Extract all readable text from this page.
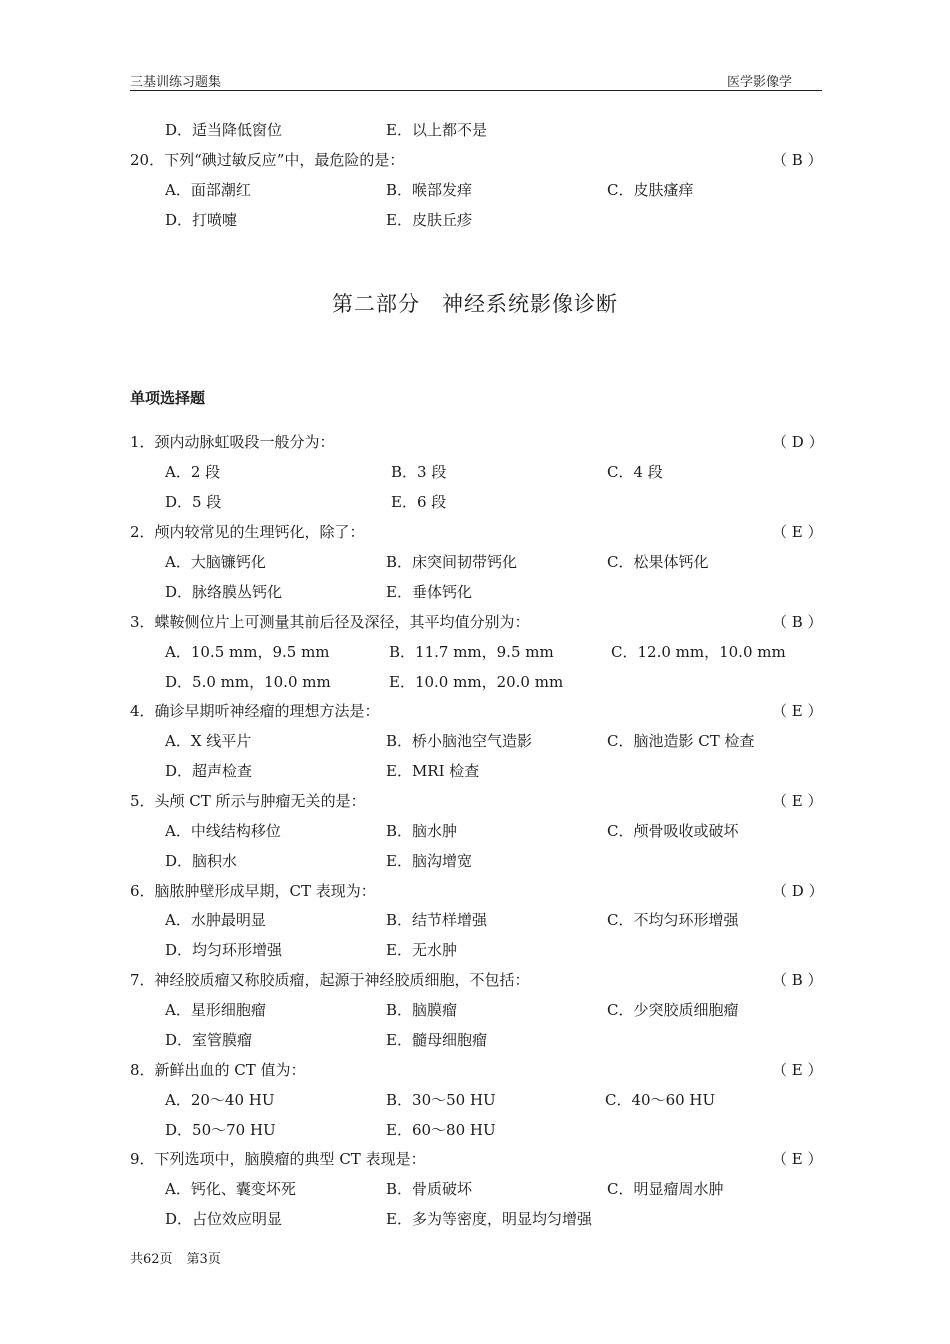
三基训练习题集	医学影像学
D．适当降低窗位	E．以上都不是
20．下列“碘过敏反应”中，最危险的是：	（ B ）
A．面部潮红	B．喉部发痒	C．皮肤瘙痒
D．打喷嚏	E．皮肤丘疹
第二部分　神经系统影像诊断
单项选择题
1．颈内动脉虹吸段一般分为：	（ D ）
A．2 段	B．3 段	C．4 段
D．5 段	E．6 段
2．颅内较常见的生理钙化，除了：	（ E ）
A．大脑镰钙化	B．床突间韧带钙化	C．松果体钙化
D．脉络膜丛钙化	E．垂体钙化
3．蝶鞍侧位片上可测量其前后径及深径，其平均值分别为：	（ B ）
A．10.5 mm，9.5 mm	B．11.7 mm，9.5 mm	C．12.0 mm，10.0 mm
D．5.0 mm，10.0 mm	E．10.0 mm，20.0 mm
4．确诊早期听神经瘤的理想方法是：	（ E ）
A．X 线平片	B．桥小脑池空气造影	C．脑池造影 CT 检查
D．超声检查	E．MRI 检查
5．头颅 CT 所示与肿瘤无关的是：	（ E ）
A．中线结构移位	B．脑水肿	C．颅骨吸收或破坏
D．脑积水	E．脑沟增宽
6．脑脓肿壁形成早期，CT 表现为：	（ D ）
A．水肿最明显	B．结节样增强	C．不均匀环形增强
D．均匀环形增强	E．无水肿
7．神经胶质瘤又称胶质瘤，起源于神经胶质细胞，不包括：	（ B ）
A．星形细胞瘤	B．脑膜瘤	C．少突胶质细胞瘤
D．室管膜瘤	E．髓母细胞瘤
8．新鲜出血的 CT 值为：	（ E ）
A．20～40 HU	B．30～50 HU	C．40～60 HU
D．50～70 HU	E．60～80 HU
9．下列选项中，脑膜瘤的典型 CT 表现是：	（ E ）
A．钙化、囊变坏死	B．骨质破坏	C．明显瘤周水肿
D．占位效应明显	E．多为等密度，明显均匀增强
共62页 第3页
